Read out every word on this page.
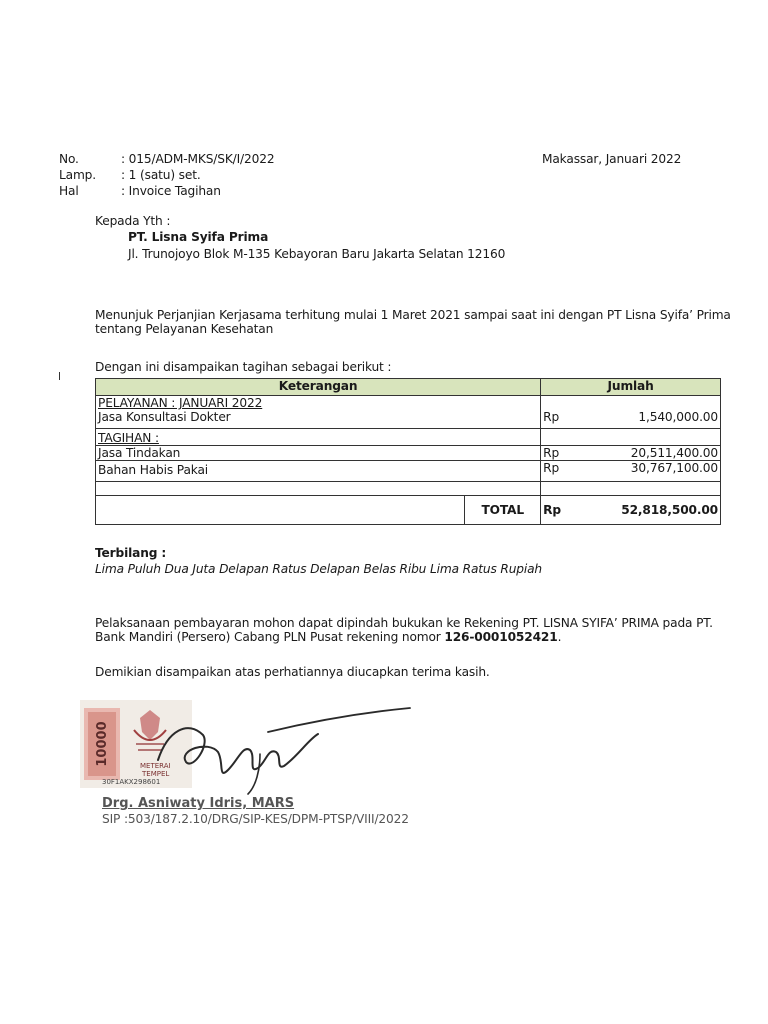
No.	: 015/ADM-MKS/SK/I/2022
Lamp. : 1 (satu) set.
Hal	: Invoice Tagihan
Makassar, Januari 2022
Kepada Yth :
PT. Lisna Syifa Prima
Jl. Trunojoyo Blok M-135 Kebayoran Baru Jakarta Selatan 12160
Menunjuk Perjanjian Kerjasama terhitung mulai 1 Maret 2021 sampai saat ini dengan PT Lisna Syifa’ Prima
tentang Pelayanan Kesehatan
Dengan ini disampaikan tagihan sebagai berikut :
Keterangan		Jumlah
PELAYANAN : JANUARI 2022		
Jasa Konsultasi Dokter		Rp 1,540,000.00

TAGIHAN :		
Jasa Tindakan		Rp 20,511,400.00

Bahan Habis Pakai		Rp 30,767,100.00

	TOTAL	Rp 52,818,500.00
Terbilang :
Lima Puluh Dua Juta Delapan Ratus Delapan Belas Ribu Lima Ratus Rupiah
Pelaksanaan pembayaran mohon dapat dipindah bukukan ke Rekening PT. LISNA SYIFA’ PRIMA pada PT.
Bank Mandiri (Persero) Cabang PLN Pusat rekening nomor 126-0001052421.
Demikian disampaikan atas perhatiannya diucapkan terima kasih.
10000	METERAI
TEMPEL
30F1AKX298601
Drg. Asniwaty Idris, MARS
SIP :503/187.2.10/DRG/SIP-KES/DPM-PTSP/VIII/2022
